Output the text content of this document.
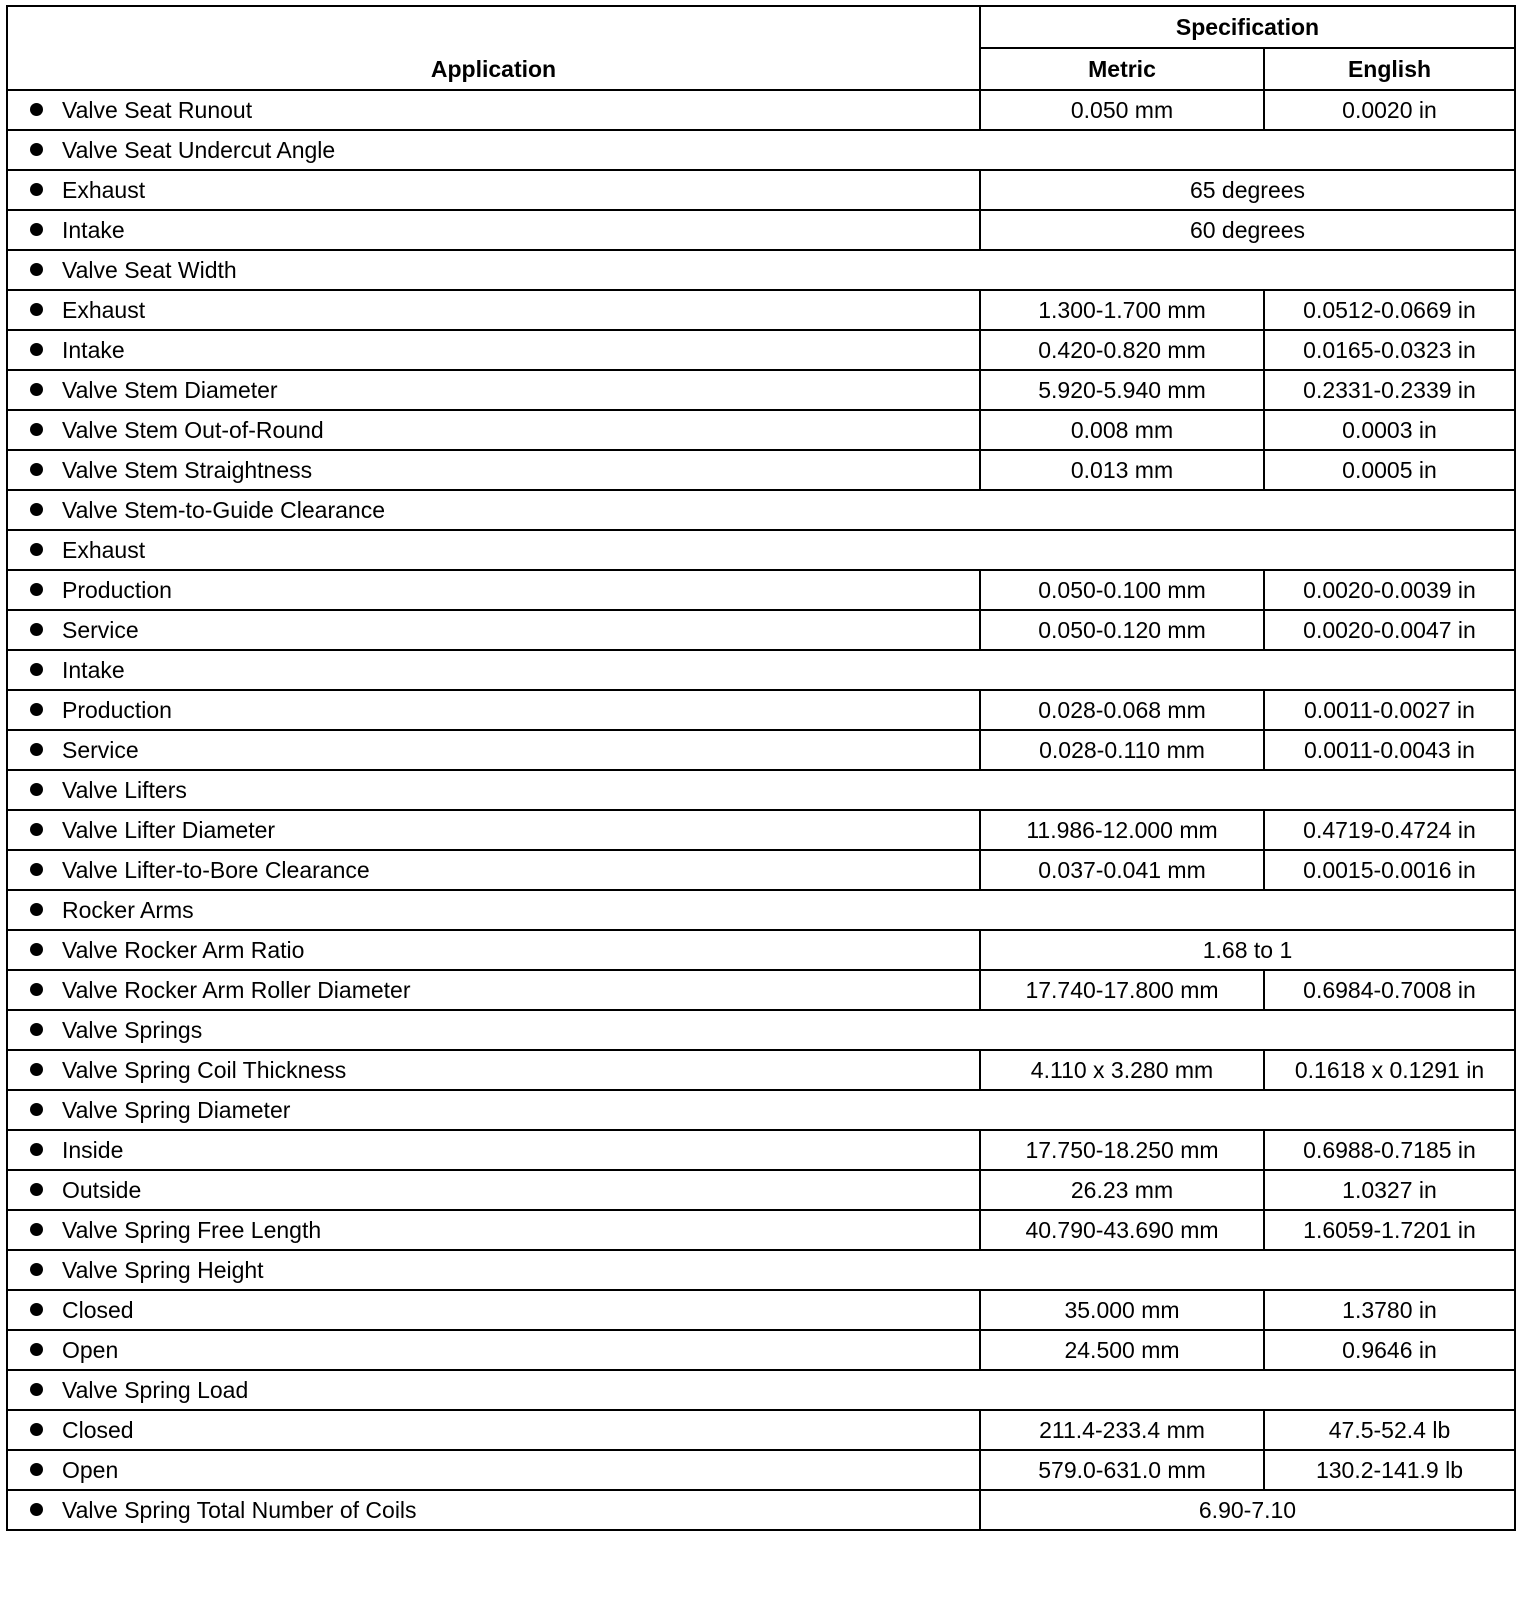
Application	Specification	
	Metric	English
Valve Seat Runout	0.050 mm	0.0020 in
Valve Seat Undercut Angle		
Exhaust	65 degrees	
Intake	60 degrees	
Valve Seat Width		
Exhaust	1.300-1.700 mm	0.0512-0.0669 in
Intake	0.420-0.820 mm	0.0165-0.0323 in
Valve Stem Diameter	5.920-5.940 mm	0.2331-0.2339 in
Valve Stem Out-of-Round	0.008 mm	0.0003 in
Valve Stem Straightness	0.013 mm	0.0005 in
Valve Stem-to-Guide Clearance		
Exhaust		
Production	0.050-0.100 mm	0.0020-0.0039 in
Service	0.050-0.120 mm	0.0020-0.0047 in
Intake		
Production	0.028-0.068 mm	0.0011-0.0027 in
Service	0.028-0.110 mm	0.0011-0.0043 in
Valve Lifters		
Valve Lifter Diameter	11.986-12.000 mm	0.4719-0.4724 in
Valve Lifter-to-Bore Clearance	0.037-0.041 mm	0.0015-0.0016 in
Rocker Arms		
Valve Rocker Arm Ratio	1.68 to 1	
Valve Rocker Arm Roller Diameter	17.740-17.800 mm	0.6984-0.7008 in
Valve Springs		
Valve Spring Coil Thickness	4.110 x 3.280 mm	0.1618 x 0.1291 in
Valve Spring Diameter		
Inside	17.750-18.250 mm	0.6988-0.7185 in
Outside	26.23 mm	1.0327 in
Valve Spring Free Length	40.790-43.690 mm	1.6059-1.7201 in
Valve Spring Height		
Closed	35.000 mm	1.3780 in
Open	24.500 mm	0.9646 in
Valve Spring Load		
Closed	211.4-233.4 mm	47.5-52.4 lb
Open	579.0-631.0 mm	130.2-141.9 lb
Valve Spring Total Number of Coils	6.90-7.10	
